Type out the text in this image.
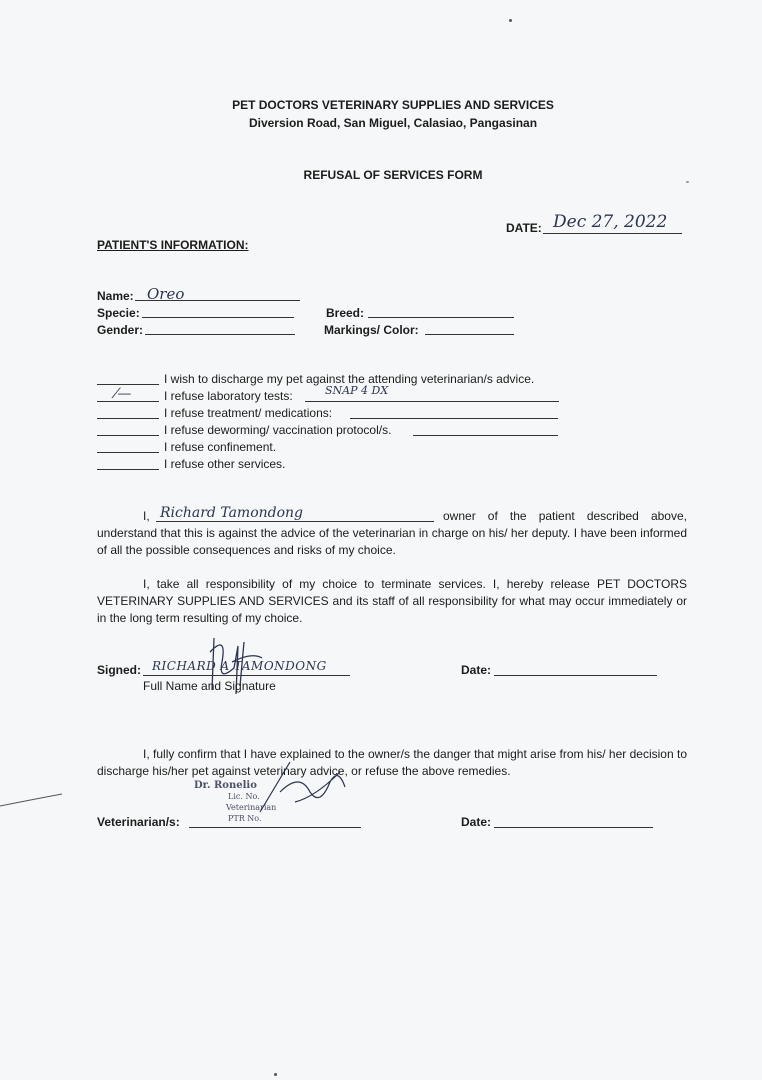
PET DOCTORS VETERINARY SUPPLIES AND SERVICES
Diversion Road, San Miguel, Calasiao, Pangasinan
REFUSAL OF SERVICES FORM
DATE: Dec 27, 2022
PATIENT'S INFORMATION:
Name: Oreo
Specie:	Breed:
Gender:	Markings/ Color:
I wish to discharge my pet against the attending veterinarian/s advice.
⁄—	I refuse laboratory tests:	SNAP 4 DX
I refuse treatment/ medications:
I refuse deworming/ vaccination protocol/s.
I refuse confinement.
I refuse other services.
I, Richard Tamondong	owner of the patient described above,
understand that this is against the advice of the veterinarian in charge on his/ her deputy. I have been informed of all the possible consequences and risks of my choice.
I, take all responsibility of my choice to terminate services. I, hereby release PET DOCTORS VETERINARY SUPPLIES AND SERVICES and its staff of all responsibility for what may occur immediately or in the long term resulting of my choice.
Signed: RICHARD A TAMONDONG
Full Name and Signature
Date:
I, fully confirm that I have explained to the owner/s the danger that might arise from his/ her decision to discharge his/her pet against veterinary advice, or refuse the above remedies.
Dr. Ronelio
Lic. No.
Veterinarian
PTR No.
Veterinarian/s:	Date:
